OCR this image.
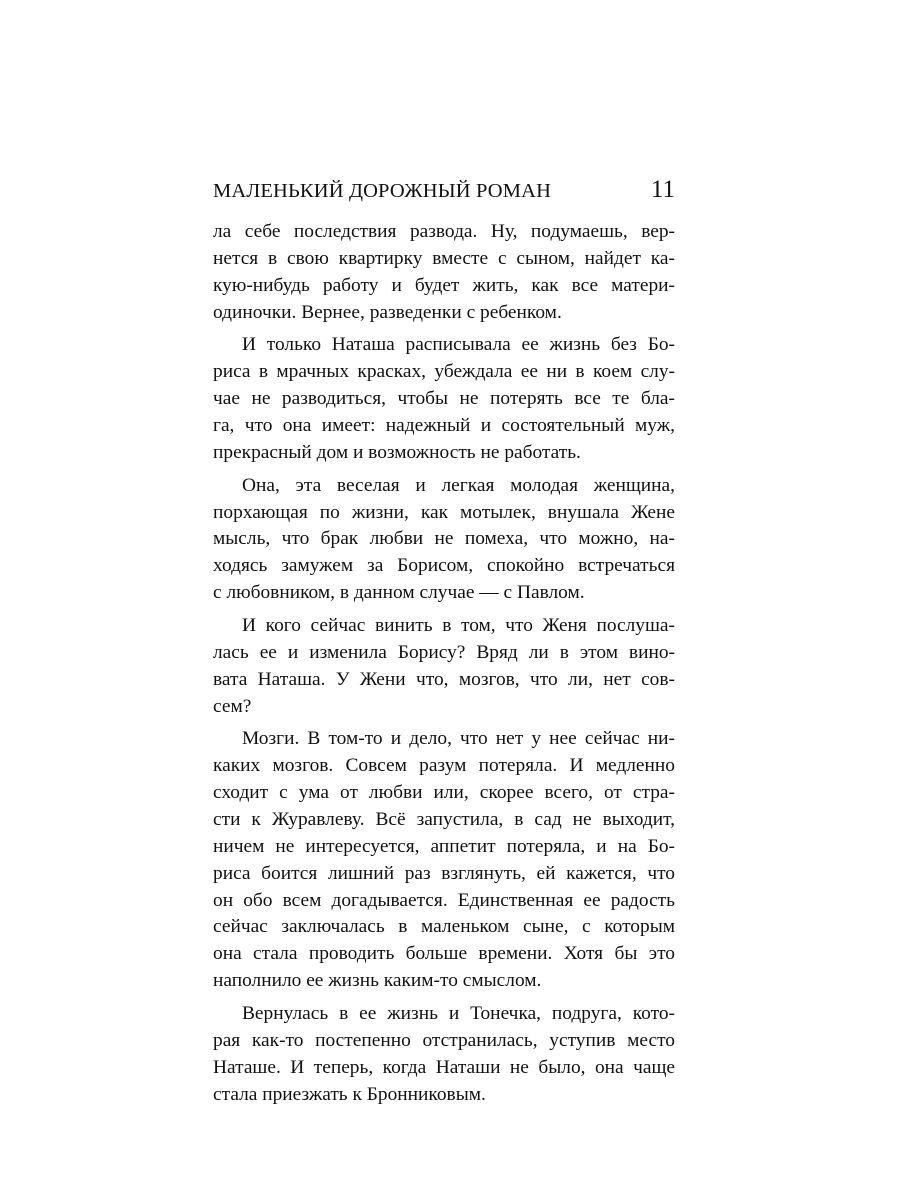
МАЛЕНЬКИЙ ДОРОЖНЫЙ РОМАН	11
ла себе последствия развода. Ну, подумаешь, вер-
нется в свою квартирку вместе с сыном, найдет ка-
кую-нибудь работу и будет жить, как все матери-
одиночки. Вернее, разведенки с ребенком.
И только Наташа расписывала ее жизнь без Бо-
риса в мрачных красках, убеждала ее ни в коем слу-
чае не разводиться, чтобы не потерять все те бла-
га, что она имеет: надежный и состоятельный муж,
прекрасный дом и возможность не работать.
Она, эта веселая и легкая молодая женщина,
порхающая по жизни, как мотылек, внушала Жене
мысль, что брак любви не помеха, что можно, на-
ходясь замужем за Борисом, спокойно встречаться
с любовником, в данном случае — с Павлом.
И кого сейчас винить в том, что Женя послуша-
лась ее и изменила Борису? Вряд ли в этом вино-
вата Наташа. У Жени что, мозгов, что ли, нет сов-
сем?
Мозги. В том-то и дело, что нет у нее сейчас ни-
каких мозгов. Совсем разум потеряла. И медленно
сходит с ума от любви или, скорее всего, от стра-
сти к Журавлеву. Всё запустила, в сад не выходит,
ничем не интересуется, аппетит потеряла, и на Бо-
риса боится лишний раз взглянуть, ей кажется, что
он обо всем догадывается. Единственная ее радость
сейчас заключалась в маленьком сыне, с которым
она стала проводить больше времени. Хотя бы это
наполнило ее жизнь каким-то смыслом.
Вернулась в ее жизнь и Тонечка, подруга, кото-
рая как-то постепенно отстранилась, уступив место
Наташе. И теперь, когда Наташи не было, она чаще
стала приезжать к Бронниковым.
